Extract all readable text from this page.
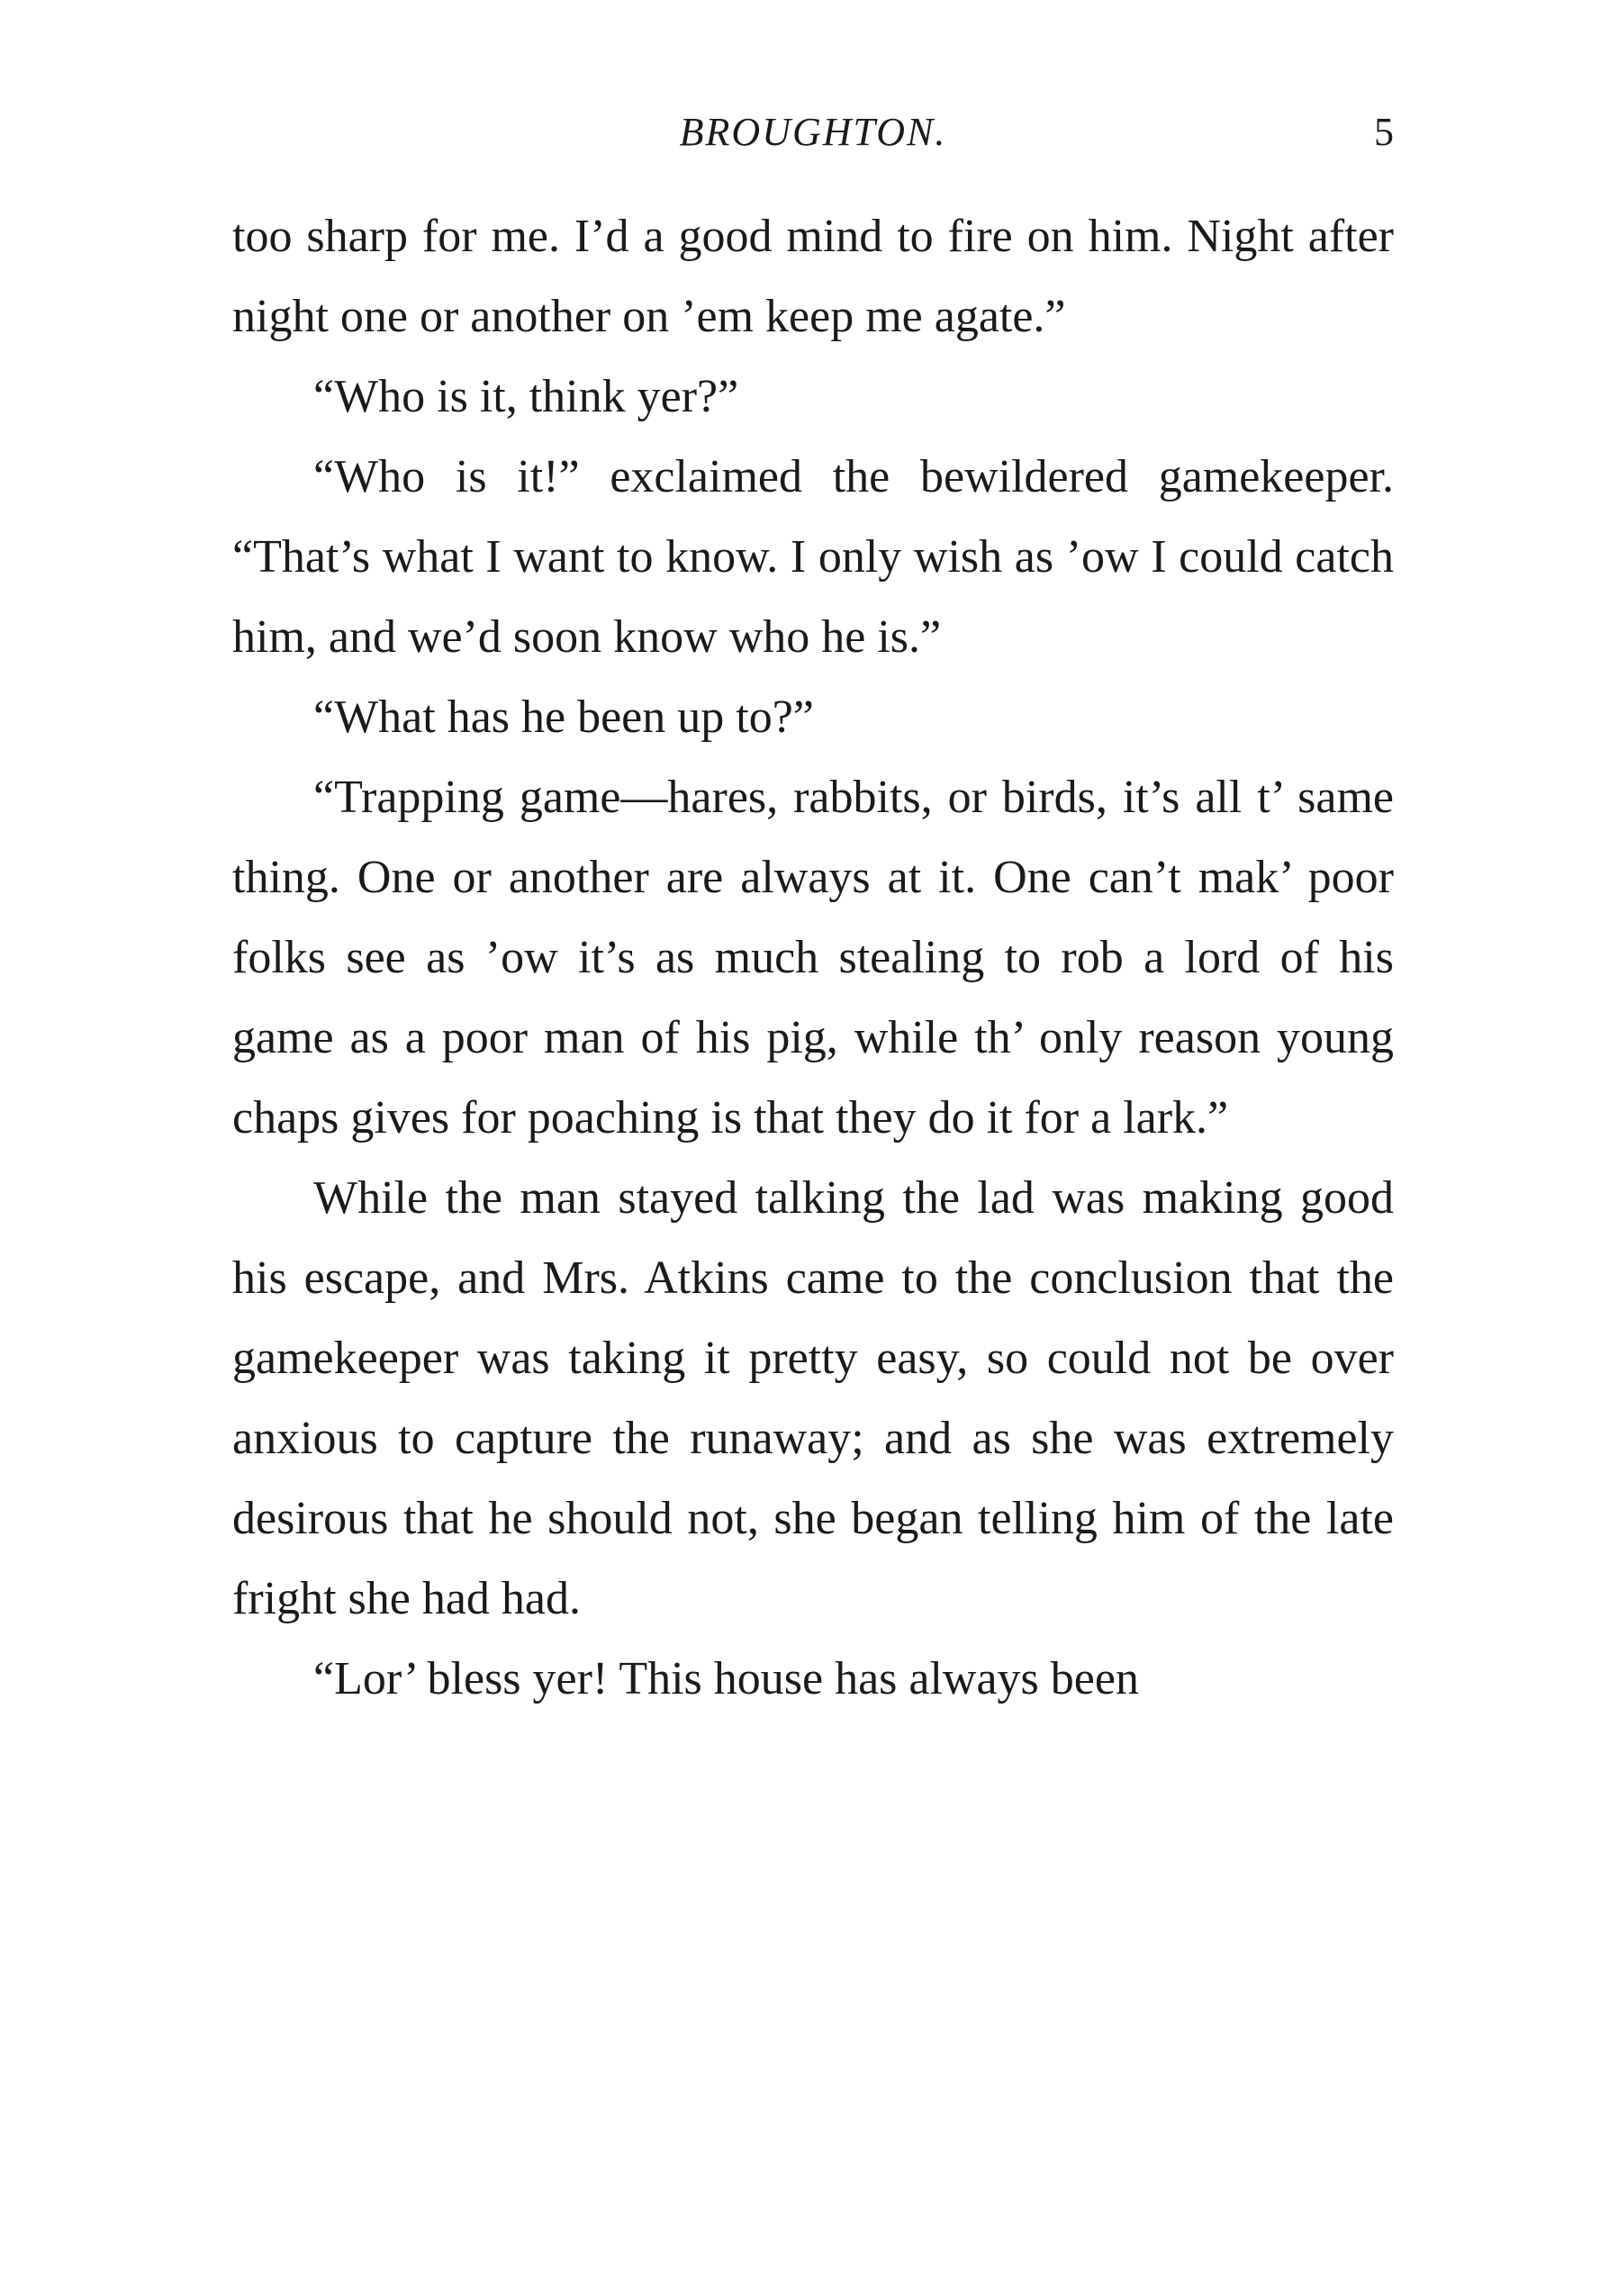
BROUGHTON.	5

too sharp for me. I’d a good mind to fire on him. Night after night one or another on ’em keep me agate.”

“Who is it, think yer?”

“Who is it!” exclaimed the bewildered gamekeeper. “That’s what I want to know. I only wish as ’ow I could catch him, and we’d soon know who he is.”

“What has he been up to?”

“Trapping game—hares, rabbits, or birds, it’s all t’ same thing. One or another are always at it. One can’t mak’ poor folks see as ’ow it’s as much stealing to rob a lord of his game as a poor man of his pig, while th’ only reason young chaps gives for poaching is that they do it for a lark.”

While the man stayed talking the lad was making good his escape, and Mrs. Atkins came to the conclusion that the gamekeeper was taking it pretty easy, so could not be over anxious to capture the runaway; and as she was extremely desirous that he should not, she began telling him of the late fright she had had.

“Lor’ bless yer! This house has always been
